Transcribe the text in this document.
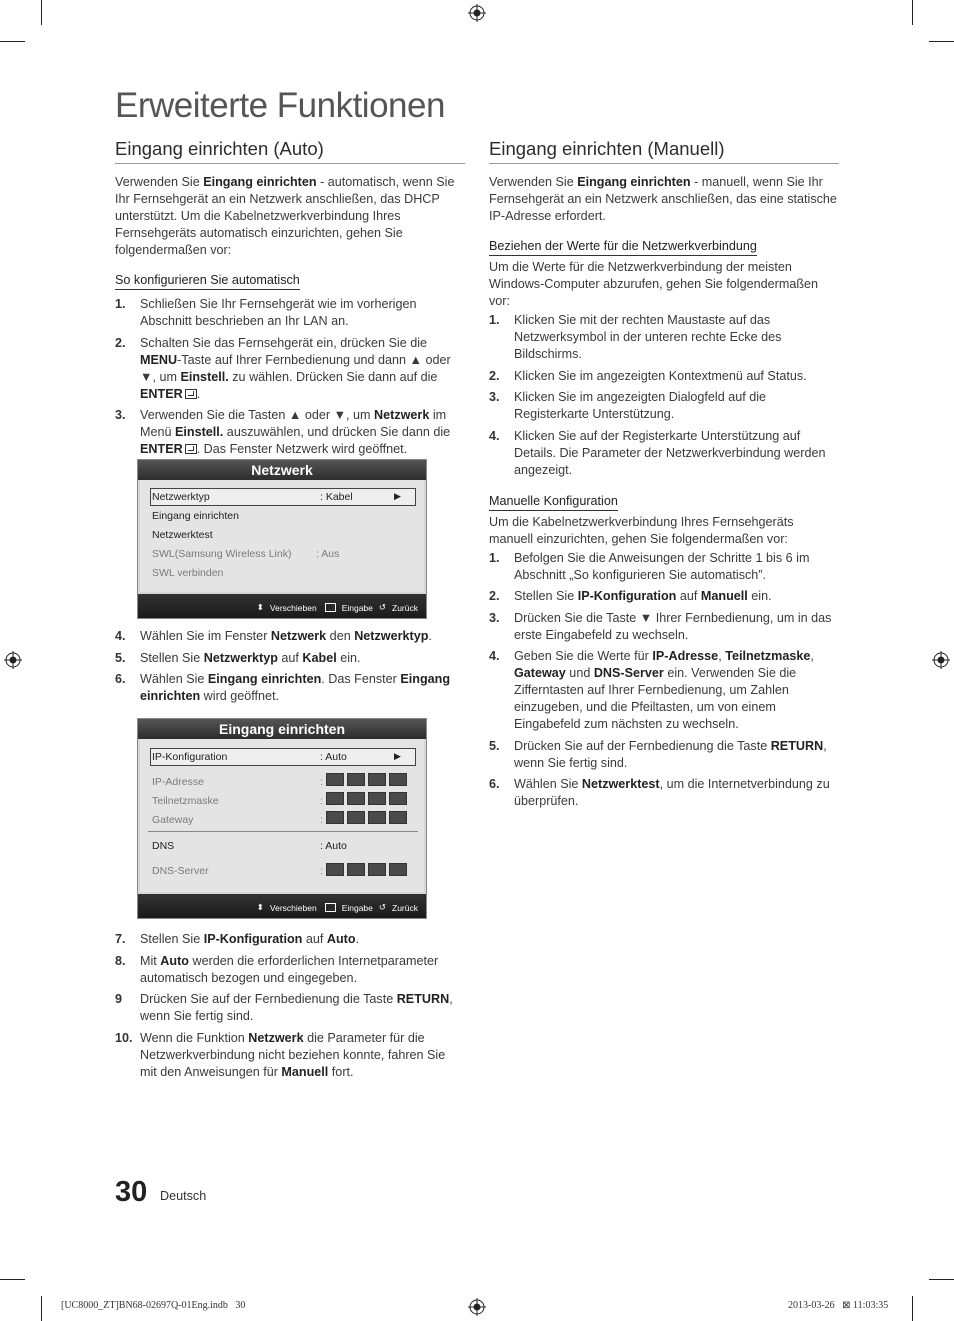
Erweiterte Funktionen
Eingang einrichten (Auto)

Verwenden Sie Eingang einrichten - automatisch, wenn Sie Ihr Fernsehgerät an ein Netzwerk anschließen, das DHCP unterstützt. Um die Kabelnetzwerkverbindung Ihres Fernsehgeräts automatisch einzurichten, gehen Sie folgendermaßen vor:

So konfigurieren Sie automatisch
1. Schließen Sie Ihr Fernsehgerät wie im vorherigen Abschnitt beschrieben an Ihr LAN an.
2. Schalten Sie das Fernsehgerät ein, drücken Sie die MENU-Taste auf Ihrer Fernbedienung und dann ▲ oder ▼, um Einstell. zu wählen. Drücken Sie dann auf die ENTER .
3. Verwenden Sie die Tasten ▲ oder ▼, um Netzwerk im Menü Einstell. auszuwählen, und drücken Sie dann die ENTER . Das Fenster Netzwerk wird geöffnet.
Netzwerk
Netzwerktyp	: Kabel
Eingang einrichten
Netzwerktest
SWL(Samsung Wireless Link) : Aus
SWL verbinden
▶
⬍ Verschieben	Eingabe ↺ Zurück
4. Wählen Sie im Fenster Netzwerk den Netzwerktyp.
5. Stellen Sie Netzwerktyp auf Kabel ein.
6. Wählen Sie Eingang einrichten. Das Fenster Eingang einrichten wird geöffnet.
Eingang einrichten
IP-Konfiguration	: Auto	▶
IP-Adresse	:
Teilnetzmaske	:
Gateway	:
DNS	: Auto
DNS-Server	:
⬍ Verschieben	Eingabe ↺ Zurück
7. Stellen Sie IP-Konfiguration auf Auto.
8. Mit Auto werden die erforderlichen Internetparameter automatisch bezogen und eingegeben.
9 Drücken Sie auf der Fernbedienung die Taste RETURN, wenn Sie fertig sind.
10. Wenn die Funktion Netzwerk die Parameter für die Netzwerkverbindung nicht beziehen konnte, fahren Sie mit den Anweisungen für Manuell fort.
Eingang einrichten (Manuell)

Verwenden Sie Eingang einrichten - manuell, wenn Sie Ihr Fernsehgerät an ein Netzwerk anschließen, das eine statische IP-Adresse erfordert.

Beziehen der Werte für die Netzwerkverbindung

Um die Werte für die Netzwerkverbindung der meisten Windows-Computer abzurufen, gehen Sie folgendermaßen vor:

1. Klicken Sie mit der rechten Maustaste auf das Netzwerksymbol in der unteren rechte Ecke des Bildschirms.
2. Klicken Sie im angezeigten Kontextmenü auf Status.
3. Klicken Sie im angezeigten Dialogfeld auf die Registerkarte Unterstützung.
4. Klicken Sie auf der Registerkarte Unterstützung auf Details. Die Parameter der Netzwerkverbindung werden angezeigt.
Manuelle Konfiguration

Um die Kabelnetzwerkverbindung Ihres Fernsehgeräts manuell einzurichten, gehen Sie folgendermaßen vor:

1. Befolgen Sie die Anweisungen der Schritte 1 bis 6 im Abschnitt „So konfigurieren Sie automatisch”.
2. Stellen Sie IP-Konfiguration auf Manuell ein.
3. Drücken Sie die Taste ▼ Ihrer Fernbedienung, um in das erste Eingabefeld zu wechseln.
4. Geben Sie die Werte für IP-Adresse, Teilnetzmaske, Gateway und DNS-Server ein. Verwenden Sie die Zifferntasten auf Ihrer Fernbedienung, um Zahlen einzugeben, und die Pfeiltasten, um von einem Eingabefeld zum nächsten zu wechseln.
5. Drücken Sie auf der Fernbedienung die Taste RETURN, wenn Sie fertig sind.
6. Wählen Sie Netzwerktest, um die Internetverbindung zu überprüfen.
30 Deutsch
[UC8000_ZT]BN68-02697Q-01Eng.indb   30	2013-03-26   ⊠ 11:03:35
